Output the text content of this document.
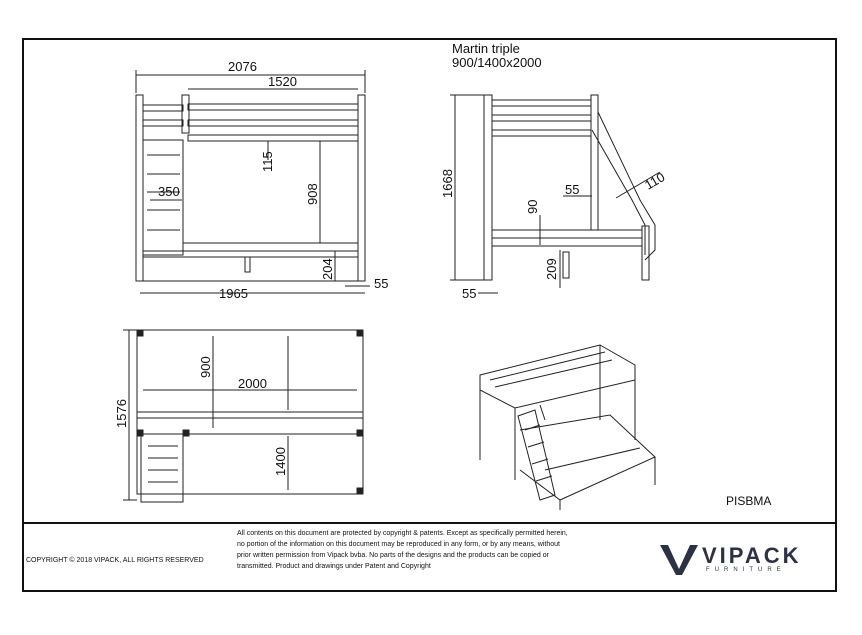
Martin triple
900/1400x2000
2076
1520
350
1965
55
115
908
204
1668	55	110
90
209
55
1576
900
2000
1400
PISBMA
COPYRIGHT © 2018 VIPACK, ALL RIGHTS RESERVED
All contents on this document are protected by copyright & patents. Except as specifically permitted herein,
no portion of the information on this document may be reproduced in any form, or by any means, without
prior written permission from Vipack bvba. No parts of the designs and the products can be copied or
transmitted. Product and drawings under Patent and Copyright	VIPACK
FURNITURE
